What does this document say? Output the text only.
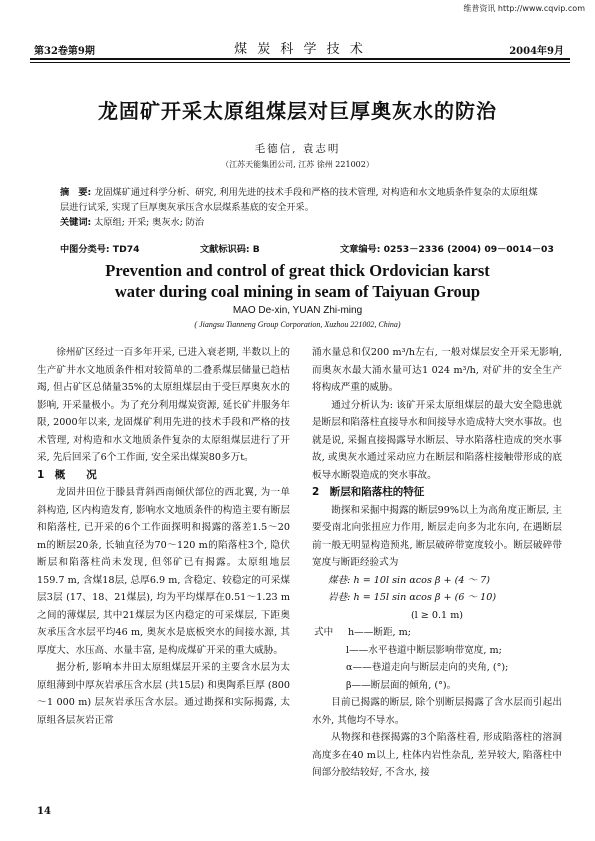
维普资讯 http://www.cqvip.com
第32卷第9期	煤 炭 科 学 技 术	2004年9月
龙固矿开采太原组煤层对巨厚奥灰水的防治
毛德信, 袁志明
（江苏天能集团公司, 江苏 徐州 221002）
摘　要: 龙固煤矿通过科学分析、研究, 利用先进的技术手段和严格的技术管理, 对构造和水文地质条件复杂的太原组煤层进行试采, 实现了巨厚奥灰承压含水层煤系基底的安全开采。
关键词: 太原组; 开采; 奥灰水; 防治
中图分类号: TD74	文献标识码: B	文章编号: 0253－2336 (2004) 09－0014－03
Prevention and control of great thick Ordovician karst
water during coal mining in seam of Taiyuan Group
MAO De-xin, YUAN Zhi-ming
( Jiangsu Tianneng Group Corporation, Xuzhou 221002, China)

徐州矿区经过一百多年开采, 已进入衰老期, 半数以上的生产矿井水文地质条件相对较简单的二叠系煤层储量已趋枯竭, 但占矿区总储量35%的太原组煤层由于受巨厚奥灰水的影响, 开采量极小。为了充分利用煤炭资源, 延长矿井服务年限, 2000年以来, 龙固煤矿利用先进的技术手段和严格的技术管理, 对构造和水文地质条件复杂的太原组煤层进行了开采, 先后回采了6个工作面, 安全采出煤炭80多万t。

1　概　　况

龙固井田位于滕县背斜西南倾伏部位的西北翼, 为一单斜构造, 区内构造发育, 影响水文地质条件的构造主要有断层和陷落柱, 已开采的6个工作面探明和揭露的落差1.5～20 m的断层20条, 长轴直径为70～120 m的陷落柱3个, 隐伏断层和陷落柱尚未发现, 但邻矿已有揭露。太原组地层159.7 m, 含煤18层, 总厚6.9 m, 含稳定、较稳定的可采煤层3层 (17、18、21煤层), 均为平均煤厚在0.51～1.23 m之间的薄煤层, 其中21煤层为区内稳定的可采煤层, 下距奥灰承压含水层平均46 m, 奥灰水是底板突水的间接水源, 其厚度大、水压高、水量丰富, 是构成煤矿开采的重大威胁。

据分析, 影响本井田太原组煤层开采的主要含水层为太原组薄到中厚灰岩承压含水层 (共15层) 和奥陶系巨厚 (800～1 000 m) 层灰岩承压含水层。通过勘探和实际揭露, 太原组各层灰岩正常

涌水量总和仅200 m³/h左右, 一般对煤层安全开采无影响, 而奥灰水最大涌水量可达1 024 m³/h, 对矿井的安全生产将构成严重的威胁。

通过分析认为: 该矿开采太原组煤层的最大安全隐患就是断层和陷落柱直接导水和间接导水造成特大突水事故。也就是说, 采掘直接揭露导水断层、导水陷落柱造成的突水事故, 或奥灰水通过采动应力在断层和陷落柱接触带形成的底板导水断裂造成的突水事故。

2　断层和陷落柱的特征

勘探和采掘中揭露的断层99%以上为高角度正断层, 主要受南北向张扭应力作用, 断层走向多为北东向, 在遇断层前一般无明显构造预兆, 断层破碎带宽度较小。断层破碎带宽度与断距经验式为

煤巷: h = 10l sin αcos β + (4 ～ 7)

岩巷: h = 15l sin αcos β + (6 ～ 10)

(l ≥ 0.1 m)

式中 h——断距, m;

l——水平巷道中断层影响带宽度, m;

α——巷道走向与断层走向的夹角, (°);

β——断层面的倾角, (°)。

目前已揭露的断层, 除个别断层揭露了含水层而引起出水外, 其他均不导水。

从物探和巷探揭露的3个陷落柱看, 形成陷落柱的溶洞高度多在40 m以上, 柱体内岩性杂乱, 差异较大, 陷落柱中间部分胶结较好, 不含水, 接

14
